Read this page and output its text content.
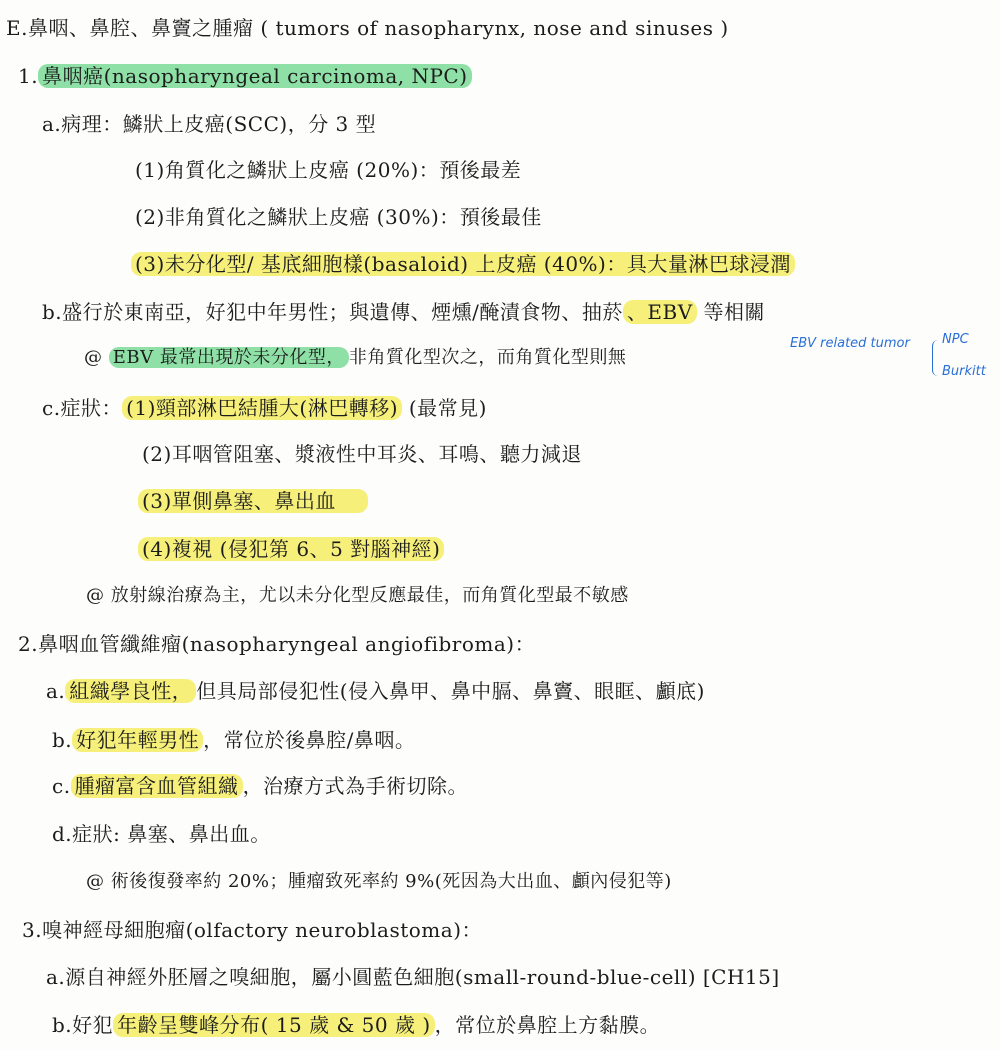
E.鼻咽、鼻腔、鼻竇之腫瘤 ( tumors of nasopharynx, nose and sinuses )
1. 鼻咽癌(nasopharyngeal carcinoma, NPC)
a.病理：鱗狀上皮癌(SCC)，分 3 型
(1)角質化之鱗狀上皮癌 (20%)：預後最差
(2)非角質化之鱗狀上皮癌 (30%)：預後最佳
(3)未分化型/ 基底細胞樣(basaloid) 上皮癌 (40%)：具大量淋巴球浸潤
b.盛行於東南亞，好犯中年男性；與遺傳、煙燻/醃漬食物、抽菸 、EBV 等相關
@ EBV 最常出現於未分化型， 非角質化型次之，而角質化型則無
EBV related tumor NPC
Burkitt
c.症狀： (1)頸部淋巴結腫大(淋巴轉移) (最常見)
(2)耳咽管阻塞、漿液性中耳炎、耳鳴、聽力減退
(3)單側鼻塞、鼻出血
(4)複視 (侵犯第 6、5 對腦神經)
@ 放射線治療為主，尤以未分化型反應最佳，而角質化型最不敏感
2.鼻咽血管纖維瘤(nasopharyngeal angiofibroma)：
a. 組織學良性， 但具局部侵犯性(侵入鼻甲、鼻中膈、鼻竇、眼眶、顱底)
b. 好犯年輕男性 ，常位於後鼻腔/鼻咽。
c. 腫瘤富含血管組織 ，治療方式為手術切除。
d.症狀: 鼻塞、鼻出血。
@ 術後復發率約 20%；腫瘤致死率約 9%(死因為大出血、顱內侵犯等)
3.嗅神經母細胞瘤(olfactory neuroblastoma)：
a.源自神經外胚層之嗅細胞，屬小圓藍色細胞(small-round-blue-cell) [CH15]
b.好犯 年齡呈雙峰分布( 15 歲 & 50 歲 ) ，常位於鼻腔上方黏膜。
